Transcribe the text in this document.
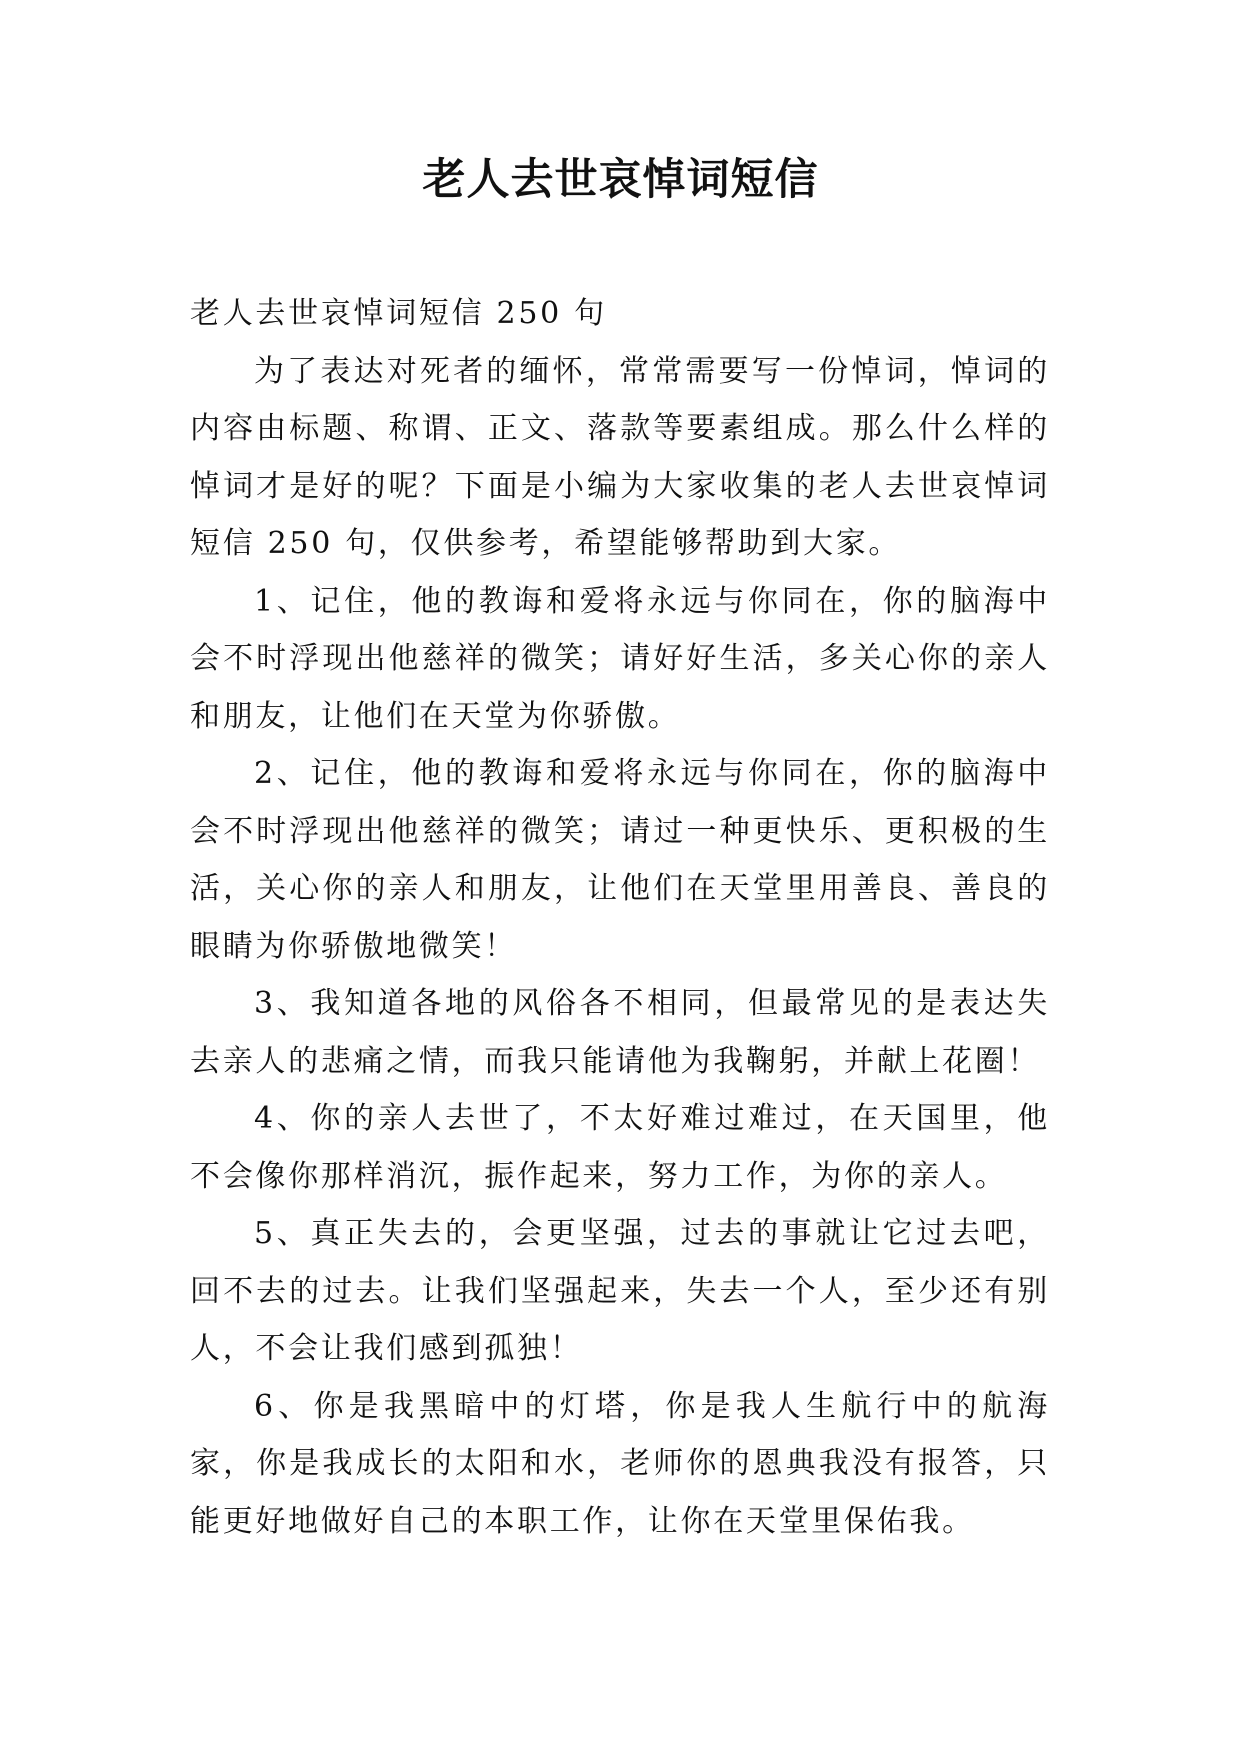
老人去世哀悼词短信

老人去世哀悼词短信 250 句

为了表达对死者的缅怀，常常需要写一份悼词，悼词的内容由标题、称谓、正文、落款等要素组成。那么什么样的悼词才是好的呢？下面是小编为大家收集的老人去世哀悼词短信 250 句，仅供参考，希望能够帮助到大家。

1、记住，他的教诲和爱将永远与你同在，你的脑海中会不时浮现出他慈祥的微笑；请好好生活，多关心你的亲人和朋友，让他们在天堂为你骄傲。

2、记住，他的教诲和爱将永远与你同在，你的脑海中会不时浮现出他慈祥的微笑；请过一种更快乐、更积极的生活，关心你的亲人和朋友，让他们在天堂里用善良、善良的眼睛为你骄傲地微笑！

3、我知道各地的风俗各不相同，但最常见的是表达失去亲人的悲痛之情，而我只能请他为我鞠躬，并献上花圈！

4、你的亲人去世了，不太好难过难过，在天国里，他不会像你那样消沉，振作起来，努力工作，为你的亲人。

5、真正失去的，会更坚强，过去的事就让它过去吧，回不去的过去。让我们坚强起来，失去一个人，至少还有别人，不会让我们感到孤独！

6、你是我黑暗中的灯塔，你是我人生航行中的航海家，你是我成长的太阳和水，老师你的恩典我没有报答，只能更好地做好自己的本职工作，让你在天堂里保佑我。
